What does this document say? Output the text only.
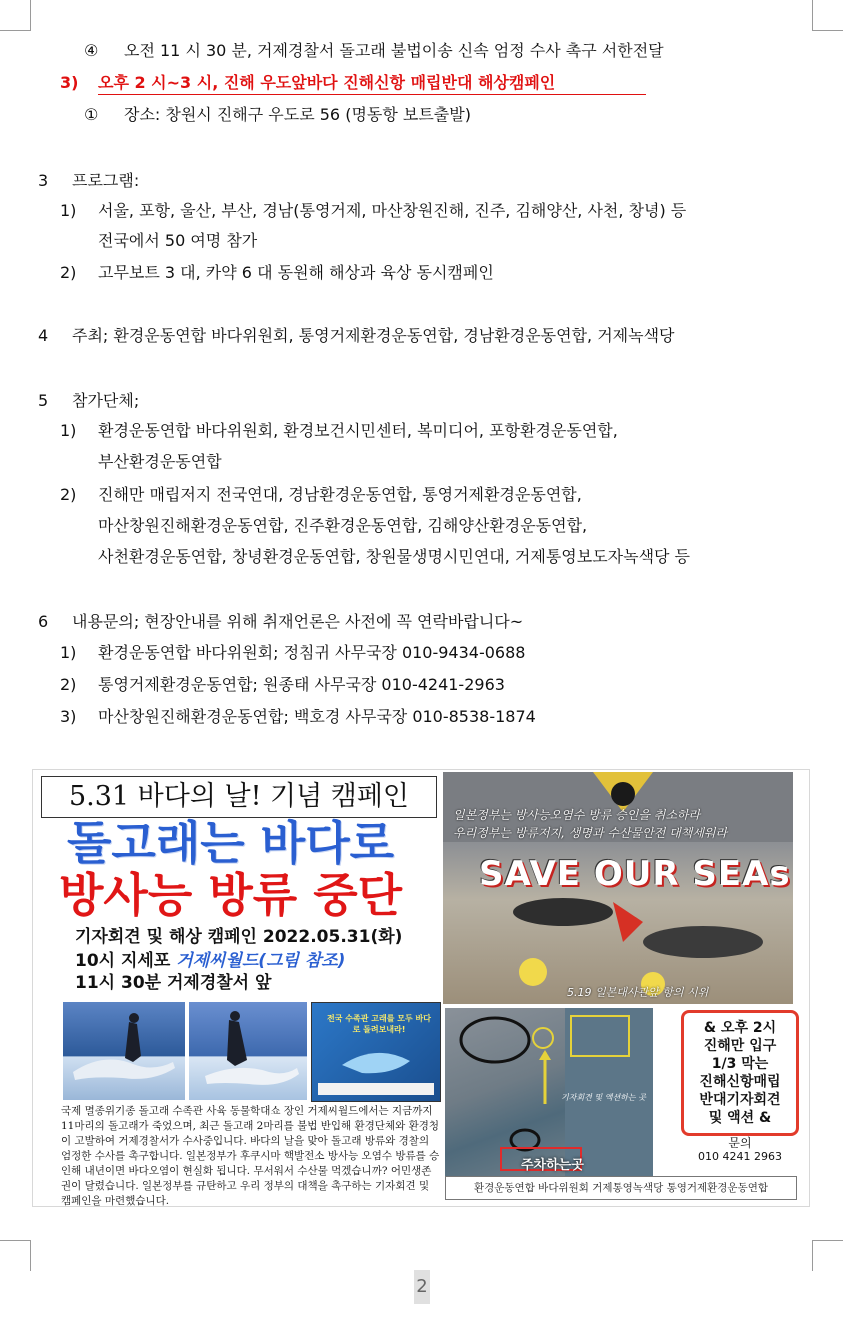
④ 오전 11 시 30 분, 거제경찰서 돌고래 불법이송 신속 엄정 수사 촉구 서한전달
3) 오후 2 시~3 시, 진해 우도앞바다 진해신항 매립반대 해상캠페인
① 장소: 창원시 진해구 우도로 56 (명동항 보트출발)
3 프로그램:
1) 서울, 포항, 울산, 부산, 경남(통영거제, 마산창원진해, 진주, 김해양산, 사천, 창녕) 등
전국에서 50 여명 참가
2) 고무보트 3 대, 카약 6 대 동원해 해상과 육상 동시캠페인
4 주최; 환경운동연합 바다위원회, 통영거제환경운동연합, 경남환경운동연합, 거제녹색당
5 참가단체;
1) 환경운동연합 바다위원회, 환경보건시민센터, 복미디어, 포항환경운동연합,
부산환경운동연합
2) 진해만 매립저지 전국연대, 경남환경운동연합, 통영거제환경운동연합,
마산창원진해환경운동연합, 진주환경운동연합, 김해양산환경운동연합,
사천환경운동연합, 창녕환경운동연합, 창원물생명시민연대, 거제통영보도자녹색당 등
6 내용문의; 현장안내를 위해 취재언론은 사전에 꼭 연락바랍니다~
1) 환경운동연합 바다위원회; 정침귀 사무국장 010-9434-0688
2) 통영거제환경운동연합; 원종태 사무국장 010-4241-2963
3) 마산창원진해환경운동연합; 백호경 사무국장 010-8538-1874
5.31 바다의 날! 기념 캠페인
돌고래는 바다로
방사능 방류 중단
기자회견 및 해상 캠페인 2022.05.31(화)
10시 지세포 거제씨월드(그림 참조)
11시 30분 거제경찰서 앞
전국 수족관 고래를 모두 바다로 돌려보내라!
국제 멸종위기종 돌고래 수족관 사육 동물학대쇼 장인 거제씨월드에서는 지금까지 11마리의 돌고래가 죽었으며, 최근 돌고래 2마리를 불법 반입해 환경단체와 환경청이 고발하여 거제경찰서가 수사중입니다. 바다의 날을 맞아 돌고래 방류와 경찰의 엄정한 수사를 촉구합니다. 일본정부가 후쿠시마 핵발전소 방사능 오염수 방류를 승인해 내년이면 바다오염이 현실화 됩니다. 무서워서 수산물 먹겠습니까? 어민생존권이 달렸습니다. 일본정부를 규탄하고 우리 정부의 대책을 촉구하는 기자회견 및 캠페인을 마련했습니다.
일본정부는 방사능오염수 방류 승인을 취소하라
우리정부는 방류저지, 생명과 수산물안전 대책세워라
SAVE OUR SEAs
5.19 일본대사관앞 항의 시위
기자회견 및 액션하는 곳
주차하는곳
& 오후 2시
진해만 입구
1/3 막는
진해신항매립
반대기자회견
및 액션 &
문의
010 4241 2963
환경운동연합 바다위원회 거제통영녹색당 통영거제환경운동연합
2
